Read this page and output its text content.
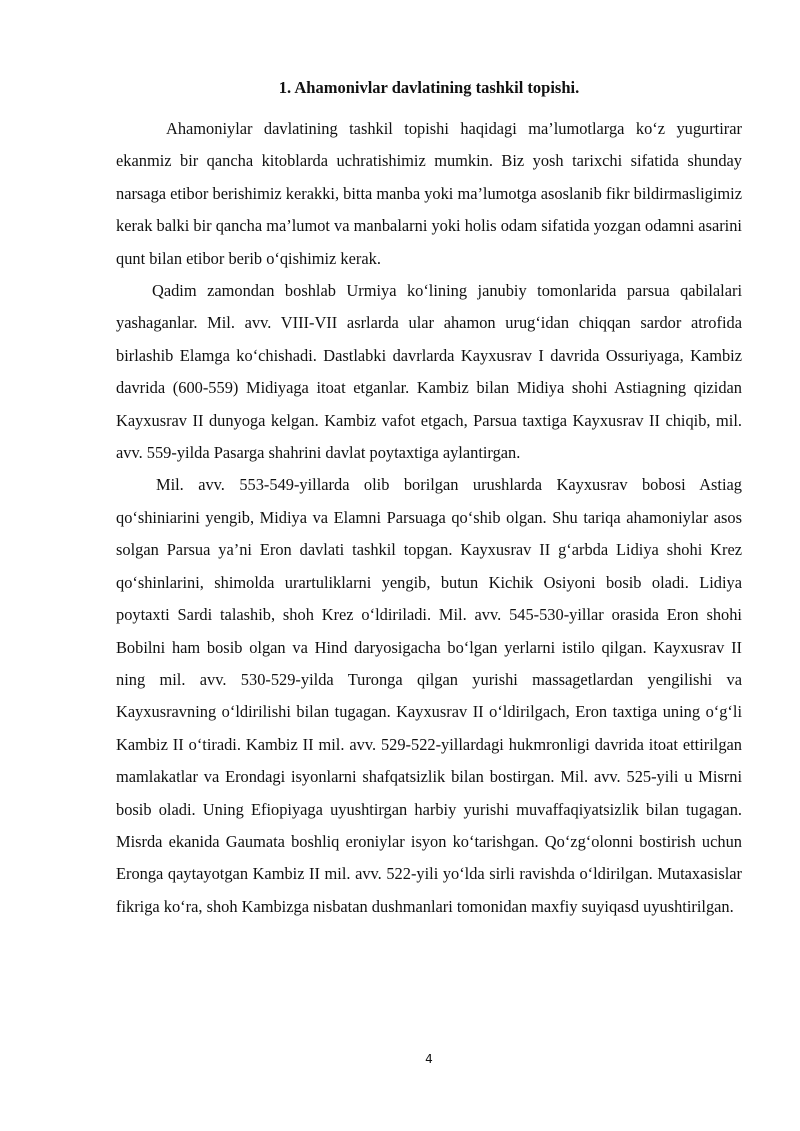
1. Ahamonivlar davlatining tashkil topishi.

Ahamoniylar davlatining tashkil topishi haqidagi ma’lumotlarga ko‘z yugurtirar ekanmiz bir qancha kitoblarda uchratishimiz mumkin. Biz yosh tarixchi sifatida shunday narsaga etibor berishimiz kerakki, bitta manba yoki ma’lumotga asoslanib fikr bildirmasligimiz kerak balki bir qancha ma’lumot va manbalarni yoki holis odam sifatida yozgan odamni asarini qunt bilan etibor berib o‘qishimiz kerak.

Qadim zamondan boshlab Urmiya ko‘lining janubiy tomonlarida parsua qabilalari yashaganlar. Mil. avv. VIII-VII asrlarda ular ahamon urug‘idan chiqqan sardor atrofida birlashib Elamga ko‘chishadi. Dastlabki davrlarda Kayxusrav I davrida Ossuriyaga, Kambiz davrida (600-559) Midiyaga itoat etganlar. Kambiz bilan Midiya shohi Astiagning qizidan Kayxusrav II dunyoga kelgan. Kambiz vafot etgach, Parsua taxtiga Kayxusrav II chiqib, mil. avv. 559-yilda Pasarga shahrini davlat poytaxtiga aylantirgan.

Mil. avv. 553-549-yillarda olib borilgan urushlarda Kayxusrav bobosi Astiag qo‘shiniarini yengib, Midiya va Elamni Parsuaga qo‘shib olgan. Shu tariqa ahamoniylar asos solgan Parsua ya’ni Eron davlati tashkil topgan. Kayxusrav II g‘arbda Lidiya shohi Krez qo‘shinlarini, shimolda urartuliklarni yengib, butun Kichik Osiyoni bosib oladi. Lidiya poytaxti Sardi talashib, shoh Krez o‘ldiriladi. Mil. avv. 545-530-yillar orasida Eron shohi Bobilni ham bosib olgan va Hind daryosigacha bo‘lgan yerlarni istilo qilgan. Kayxusrav II ning mil. avv. 530-529-yilda Turonga qilgan yurishi massagetlardan yengilishi va Kayxusravning o‘ldirilishi bilan tugagan. Kayxusrav II o‘ldirilgach, Eron taxtiga uning o‘g‘li Kambiz II o‘tiradi. Kambiz II mil. avv. 529-522-yillardagi hukmronligi davrida itoat ettirilgan mamlakatlar va Erondagi isyonlarni shafqatsizlik bilan bostirgan. Mil. avv. 525-yili u Misrni bosib oladi. Uning Efiopiyaga uyushtirgan harbiy yurishi muvaffaqiyatsizlik bilan tugagan. Misrda ekanida Gaumata boshliq eroniylar isyon ko‘tarishgan. Qo‘zg‘olonni bostirish uchun Eronga qaytayotgan Kambiz II mil. avv. 522-yili yo‘lda sirli ravishda o‘ldirilgan. Mutaxasislar fikriga ko‘ra, shoh Kambizga nisbatan dushmanlari tomonidan maxfiy suyiqasd uyushtirilgan.

4
